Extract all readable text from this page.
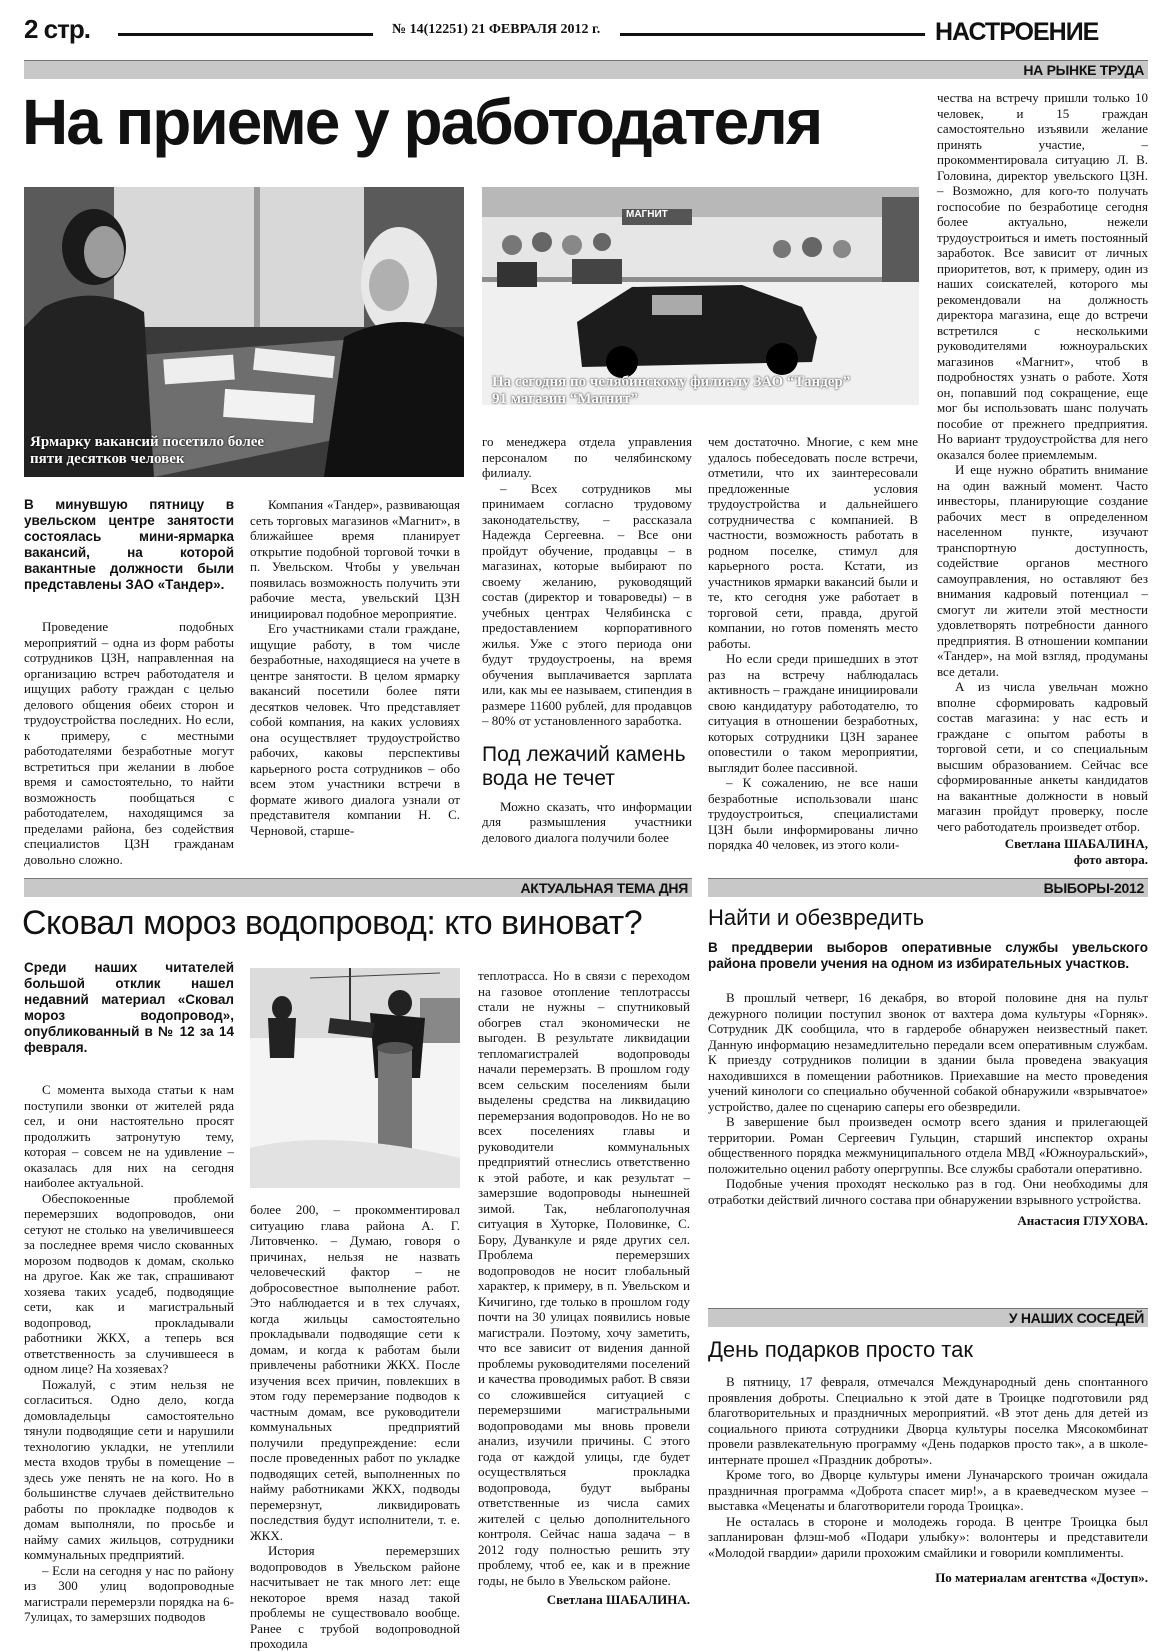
2 стр.	№ 14(12251) 21 ФЕВРАЛЯ 2012 г.	НАСТРОЕНИЕ
НА РЫНКЕ ТРУДА
На приеме у работодателя
Ярмарку вакансий посетило более пяти десятков человек
МАГНИТ
На сегодня по челябинскому филиалу ЗАО “Тандер” 91 магазин “Магнит”

В минувшую пятницу в увельском центре занятости состоялась мини-ярмарка вакансий, на которой вакантные должности были представлены ЗАО «Тандер».

Проведение подобных мероприятий – одна из форм работы сотрудников ЦЗН, направленная на организацию встреч работодателя и ищущих работу граждан с целью делового общения обеих сторон и трудоустройства последних. Но если, к примеру, с местными работодателями безработные могут встретиться при желании в любое время и самостоятельно, то найти возможность пообщаться с работодателем, находящимся за пределами района, без содействия специалистов ЦЗН гражданам довольно сложно.

Компания «Тандер», развивающая сеть торговых магазинов «Магнит», в ближайшее время планирует открытие подобной торговой точки в п. Увельском. Чтобы у увельчан появилась возможность получить эти рабочие места, увельский ЦЗН инициировал подобное мероприятие.

Его участниками стали граждане, ищущие работу, в том числе безработные, находящиеся на учете в центре занятости. В целом ярмарку вакансий посетили более пяти десятков человек. Что представляет собой компания, на каких условиях она осуществляет трудоустройство рабочих, каковы перспективы карьерного роста сотрудников – обо всем этом участники встречи в формате живого диалога узнали от представителя компании Н. С. Черновой, старше-

го менеджера отдела управления персоналом по челябинскому филиалу.

– Всех сотрудников мы принимаем согласно трудовому законодательству, – рассказала Надежда Сергеевна. – Все они пройдут обучение, продавцы – в магазинах, которые выбирают по своему желанию, руководящий состав (директор и товароведы) – в учебных центрах Челябинска с предоставлением корпоративного жилья. Уже с этого периода они будут трудоустроены, на время обучения выплачивается зарплата или, как мы ее называем, стипендия в размере 11600 рублей, для продавцов – 80% от установленного заработка.

Под лежачий камень вода не течет

Можно сказать, что информации для размышления участники делового диалога получили более

чем достаточно. Многие, с кем мне удалось побеседовать после встречи, отметили, что их заинтересовали предложенные условия трудоустройства и дальнейшего сотрудничества с компанией. В частности, возможность работать в родном поселке, стимул для карьерного роста. Кстати, из участников ярмарки вакансий были и те, кто сегодня уже работает в торговой сети, правда, другой компании, но готов поменять место работы.

Но если среди пришедших в этот раз на встречу наблюдалась активность – граждане инициировали свою кандидатуру работодателю, то ситуация в отношении безработных, которых сотрудники ЦЗН заранее оповестили о таком мероприятии, выглядит более пассивной.

– К сожалению, не все наши безработные использовали шанс трудоустроиться, специалистами ЦЗН были информированы лично порядка 40 человек, из этого коли-

чества на встречу пришли только 10 человек, и 15 граждан самостоятельно изъявили желание принять участие, – прокомментировала ситуацию Л. В. Головина, директор увельского ЦЗН. – Возможно, для кого-то получать госпособие по безработице сегодня более актуально, нежели трудоустроиться и иметь постоянный заработок. Все зависит от личных приоритетов, вот, к примеру, один из наших соискателей, которого мы рекомендовали на должность директора магазина, еще до встречи встретился с несколькими руководителями южноуральских магазинов «Магнит», чтоб в подробностях узнать о работе. Хотя он, попавший под сокращение, еще мог бы использовать шанс получать пособие от прежнего предприятия. Но вариант трудоустройства для него оказался более приемлемым.

И еще нужно обратить внимание на один важный момент. Часто инвесторы, планирующие создание рабочих мест в определенном населенном пункте, изучают транспортную доступность, содействие органов местного самоуправления, но оставляют без внимания кадровый потенциал – смогут ли жители этой местности удовлетворять потребности данного предприятия. В отношении компании «Тандер», на мой взгляд, продуманы все детали.

А из числа увельчан можно вполне сформировать кадровый состав магазина: у нас есть и граждане с опытом работы в торговой сети, и со специальным высшим образованием. Сейчас все сформированные анкеты кандидатов на вакантные должности в новый магазин пройдут проверку, после чего работодатель произведет отбор.

Светлана ШАБАЛИНА,
фото автора.
АКТУАЛЬНАЯ ТЕМА ДНЯ
Сковал мороз водопровод: кто виноват?

Среди наших читателей большой отклик нашел недавний материал «Сковал мороз водопровод», опубликованный в № 12 за 14 февраля.

С момента выхода статьи к нам поступили звонки от жителей ряда сел, и они настоятельно просят продолжить затронутую тему, которая – совсем не на удивление – оказалась для них на сегодня наиболее актуальной.

Обеспокоенные проблемой перемерзших водопроводов, они сетуют не столько на увеличившееся за последнее время число скованных морозом подводов к домам, сколько на другое. Как же так, спрашивают хозяева таких усадеб, подводящие сети, как и магистральный водопровод, прокладывали работники ЖКХ, а теперь вся ответственность за случившееся в одном лице? На хозяевах?

Пожалуй, с этим нельзя не согласиться. Одно дело, когда домовладельцы самостоятельно тянули подводящие сети и нарушили технологию укладки, не утеплили места входов трубы в помещение – здесь уже пенять не на кого. Но в большинстве случаев действительно работы по прокладке подводов к домам выполняли, по просьбе и найму самих жильцов, сотрудники коммунальных предприятий.

– Если на сегодня у нас по району из 300 улиц водопроводные магистрали перемерзли порядка на 6-7улицах, то замерзших подводов

более 200, – прокомментировал ситуацию глава района А. Г. Литовченко. – Думаю, говоря о причинах, нельзя не назвать человеческий фактор – не добросовестное выполнение работ. Это наблюдается и в тех случаях, когда жильцы самостоятельно прокладывали подводящие сети к домам, и когда к работам были привлечены работники ЖКХ. После изучения всех причин, повлекших в этом году перемерзание подводов к частным домам, все руководители коммунальных предприятий получили предупреждение: если после проведенных работ по укладке подводящих сетей, выполненных по найму работниками ЖКХ, подводы перемерзнут, ликвидировать последствия будут исполнители, т. е. ЖКХ.

История перемерзших водопроводов в Увельском районе насчитывает не так много лет: еще некоторое время назад такой проблемы не существовало вообще. Ранее с трубой водопроводной проходила

теплотрасса. Но в связи с переходом на газовое отопление теплотрассы стали не нужны – спутниковый обогрев стал экономически не выгоден. В результате ликвидации тепломагистралей водопроводы начали перемерзать. В прошлом году всем сельским поселениям были выделены средства на ликвидацию перемерзания водопроводов. Но не во всех поселениях главы и руководители коммунальных предприятий отнеслись ответственно к этой работе, и как результат – замерзшие водопроводы нынешней зимой. Так, неблагополучная ситуация в Хуторке, Половинке, С. Бору, Дуванкуле и ряде других сел. Проблема перемерзших водопроводов не носит глобальный характер, к примеру, в п. Увельском и Кичигино, где только в прошлом году почти на 30 улицах появились новые магистрали. Поэтому, хочу заметить, что все зависит от видения данной проблемы руководителями поселений и качества проводимых работ. В связи со сложившейся ситуацией с перемерзшими магистральными водопроводами мы вновь провели анализ, изучили причины. С этого года от каждой улицы, где будет осуществляться прокладка водопровода, будут выбраны ответственные из числа самих жителей с целью дополнительного контроля. Сейчас наша задача – в 2012 году полностью решить эту проблему, чтоб ее, как и в прежние годы, не было в Увельском районе.

Светлана ШАБАЛИНА.
ВЫБОРЫ-2012
Найти и обезвредить

В преддверии выборов оперативные службы увельского района провели учения на одном из избирательных участков.

В прошлый четверг, 16 декабря, во второй половине дня на пульт дежурного полиции поступил звонок от вахтера дома культуры «Горняк». Сотрудник ДК сообщила, что в гардеробе обнаружен неизвестный пакет. Данную информацию незамедлительно передали всем оперативным службам. К приезду сотрудников полиции в здании была проведена эвакуация находившихся в помещении работников. Приехавшие на место проведения учений кинологи со специально обученной собакой обнаружили «взрывчатое» устройство, далее по сценарию саперы его обезвредили.

В завершение был произведен осмотр всего здания и прилегающей территории. Роман Сергеевич Гульцин, старший инспектор охраны общественного порядка межмуниципального отдела МВД «Южноуральский», положительно оценил работу опергруппы. Все службы сработали оперативно.

Подобные учения проходят несколько раз в год. Они необходимы для отработки действий личного состава при обнаружении взрывного устройства.

Анастасия ГЛУХОВА.
У НАШИХ СОСЕДЕЙ
День подарков просто так

В пятницу, 17 февраля, отмечался Международный день спонтанного проявления доброты. Специально к этой дате в Троицке подготовили ряд благотворительных и праздничных мероприятий. «В этот день для детей из социального приюта сотрудники Дворца культуры поселка Мясокомбинат провели развлекательную программу «День подарков просто так», а в школе-интернате прошел «Праздник доброты».

Кроме того, во Дворце культуры имени Луначарского троичан ожидала праздничная программа «Доброта спасет мир!», а в краеведческом музее – выставка «Меценаты и благотворители города Троицка».

Не осталась в стороне и молодежь города. В центре Троицка был запланирован флэш-моб «Подари улыбку»: волонтеры и представители «Молодой гвардии» дарили прохожим смайлики и говорили комплименты.

По материалам агентства «Доступ».
